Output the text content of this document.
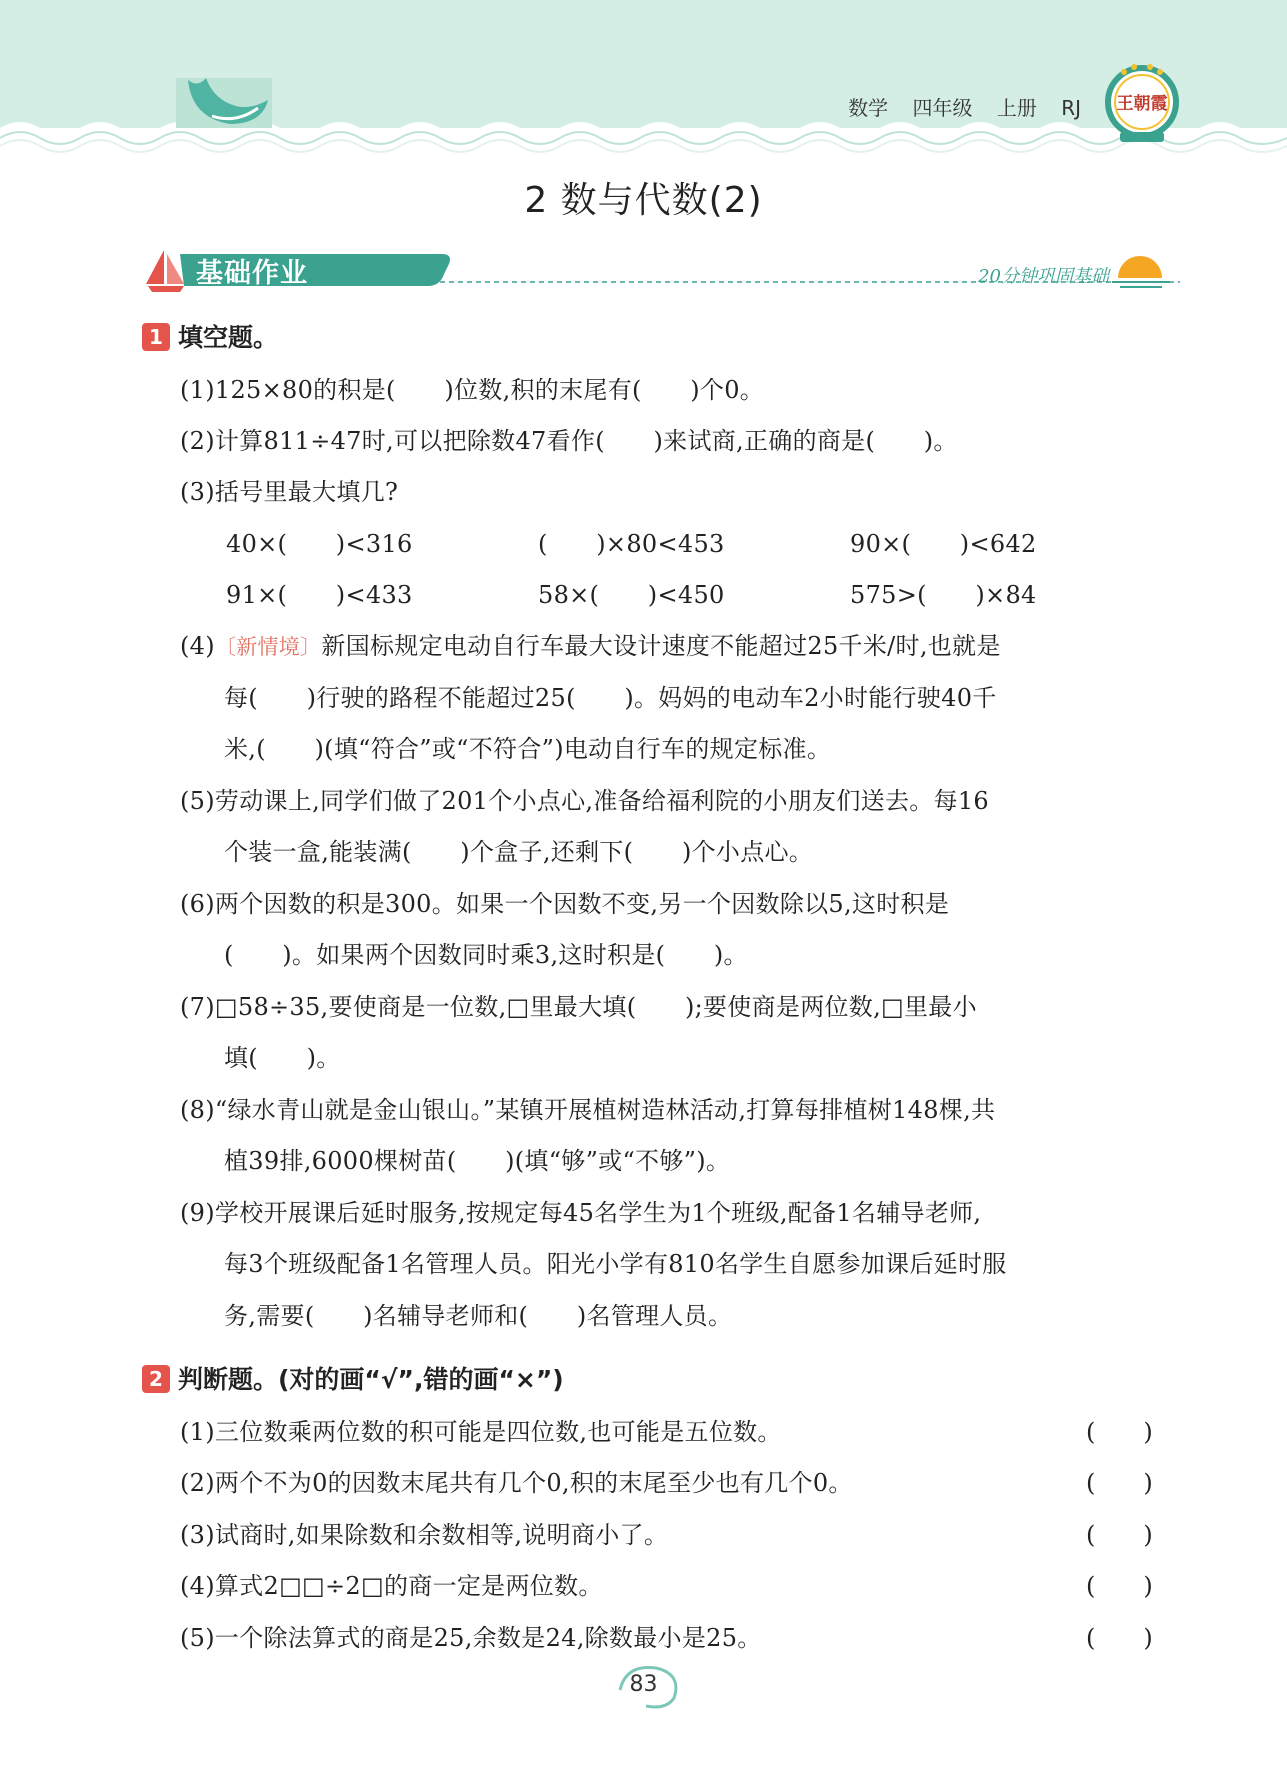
数学 四年级 上册 RJ 王朝霞
2 数与代数(2)
基础作业	20分钟巩固基础
1 填空题。
(1)125×80的积是(　　)位数,积的末尾有(　　)个0。
(2)计算811÷47时,可以把除数47看作(　　)来试商,正确的商是(　　)。
(3)括号里最大填几?
40×(　　)<316	(　　)×80<453	90×(　　)<642
91×(　　)<433	58×(　　)<450	575>(　　)×84
(4)〔新情境〕新国标规定电动自行车最大设计速度不能超过25千米/时,也就是
每(　　)行驶的路程不能超过25(　　)。妈妈的电动车2小时能行驶40千
米,(　　)(填“符合”或“不符合”)电动自行车的规定标准。
(5)劳动课上,同学们做了201个小点心,准备给福利院的小朋友们送去。每16
个装一盒,能装满(　　)个盒子,还剩下(　　)个小点心。
(6)两个因数的积是300。如果一个因数不变,另一个因数除以5,这时积是
(　　)。如果两个因数同时乘3,这时积是(　　)。
(7)□58÷35,要使商是一位数,□里最大填(　　);要使商是两位数,□里最小
填(　　)。
(8)“绿水青山就是金山银山。”某镇开展植树造林活动,打算每排植树148棵,共
植39排,6000棵树苗(　　)(填“够”或“不够”)。
(9)学校开展课后延时服务,按规定每45名学生为1个班级,配备1名辅导老师,
每3个班级配备1名管理人员。阳光小学有810名学生自愿参加课后延时服
务,需要(　　)名辅导老师和(　　)名管理人员。
2 判断题。(对的画“√”,错的画“×”)
(1)三位数乘两位数的积可能是四位数,也可能是五位数。	(　　)
(2)两个不为0的因数末尾共有几个0,积的末尾至少也有几个0。	(　　)
(3)试商时,如果除数和余数相等,说明商小了。	(　　)
(4)算式2□□÷2□的商一定是两位数。	(　　)
(5)一个除法算式的商是25,余数是24,除数最小是25。	(　　)
83
